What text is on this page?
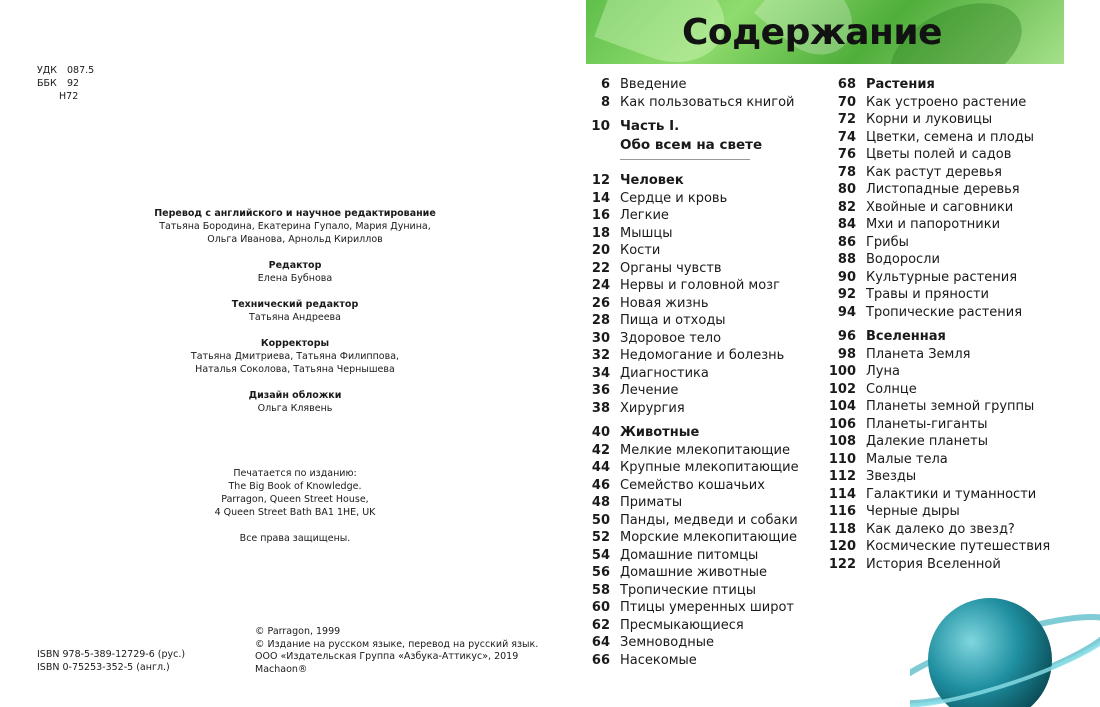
УДК 087.5
ББК 92
Н72
Перевод с английского и научное редактирование
Татьяна Бородина, Екатерина Гупало, Мария Дунина,
Ольга Иванова, Арнольд Кириллов
Редактор
Елена Бубнова
Технический редактор
Татьяна Андреева
Корректоры
Татьяна Дмитриева, Татьяна Филиппова,
Наталья Соколова, Татьяна Чернышева
Дизайн обложки
Ольга Клявень
Печатается по изданию:
The Big Book of Knowledge.
Parragon, Queen Street House,
4 Queen Street Bath BA1 1HE, UK
Все права защищены.
ISBN 978-5-389-12729-6 (рус.)
ISBN 0-75253-352-5 (англ.)
© Parragon, 1999
© Издание на русском языке, перевод на русский язык.
ООО «Издательская Группа «Азбука-Аттикус», 2019
Machaon®
Содержание
6 Введение
8 Как пользоваться книгой
10 Часть I.
Обо всем на свете
12 Человек
14 Сердце и кровь
16 Легкие
18 Мышцы
20 Кости
22 Органы чувств
24 Нервы и головной мозг
26 Новая жизнь
28 Пища и отходы
30 Здоровое тело
32 Недомогание и болезнь
34 Диагностика
36 Лечение
38 Хирургия
40 Животные
42 Мелкие млекопитающие
44 Крупные млекопитающие
46 Семейство кошачьих
48 Приматы
50 Панды, медведи и собаки
52 Морские млекопитающие
54 Домашние питомцы
56 Домашние животные
58 Тропические птицы
60 Птицы умеренных широт
62 Пресмыкающиеся
64 Земноводные
66 Насекомые
68 Растения
70 Как устроено растение
72 Корни и луковицы
74 Цветки, семена и плоды
76 Цветы полей и садов
78 Как растут деревья
80 Листопадные деревья
82 Хвойные и саговники
84 Мхи и папоротники
86 Грибы
88 Водоросли
90 Культурные растения
92 Травы и пряности
94 Тропические растения
96 Вселенная
98 Планета Земля
100 Луна
102 Солнце
104 Планеты земной группы
106 Планеты-гиганты
108 Далекие планеты
110 Малые тела
112 Звезды
114 Галактики и туманности
116 Черные дыры
118 Как далеко до звезд?
120 Космические путешествия
122 История Вселенной
